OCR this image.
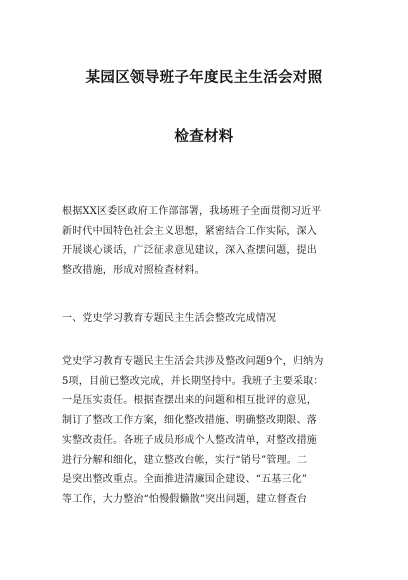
某园区领导班子年度民主生活会对照
检查材料
根据XX区委区政府工作部部署，我场班子全面贯彻习近平
新时代中国特色社会主义思想，紧密结合工作实际，深入
开展谈心谈话，广泛征求意见建议，深入查摆问题，提出
整改措施，形成对照检查材料。
一、党史学习教育专题民主生活会整改完成情况
党史学习教育专题民主生活会共涉及整改问题9个，归纳为
5项，目前已整改完成，并长期坚持中。我班子主要采取：
一是压实责任。根据查摆出来的问题和相互批评的意见，
制订了整改工作方案，细化整改措施、明确整改期限、落
实整改责任。各班子成员形成个人整改清单，对整改措施
进行分解和细化，建立整改台帐，实行“销号”管理。二
是突出整改重点。全面推进清廉国企建设、“五基三化”
等工作，大力整治“怕慢假懒散”突出问题，建立督查台
